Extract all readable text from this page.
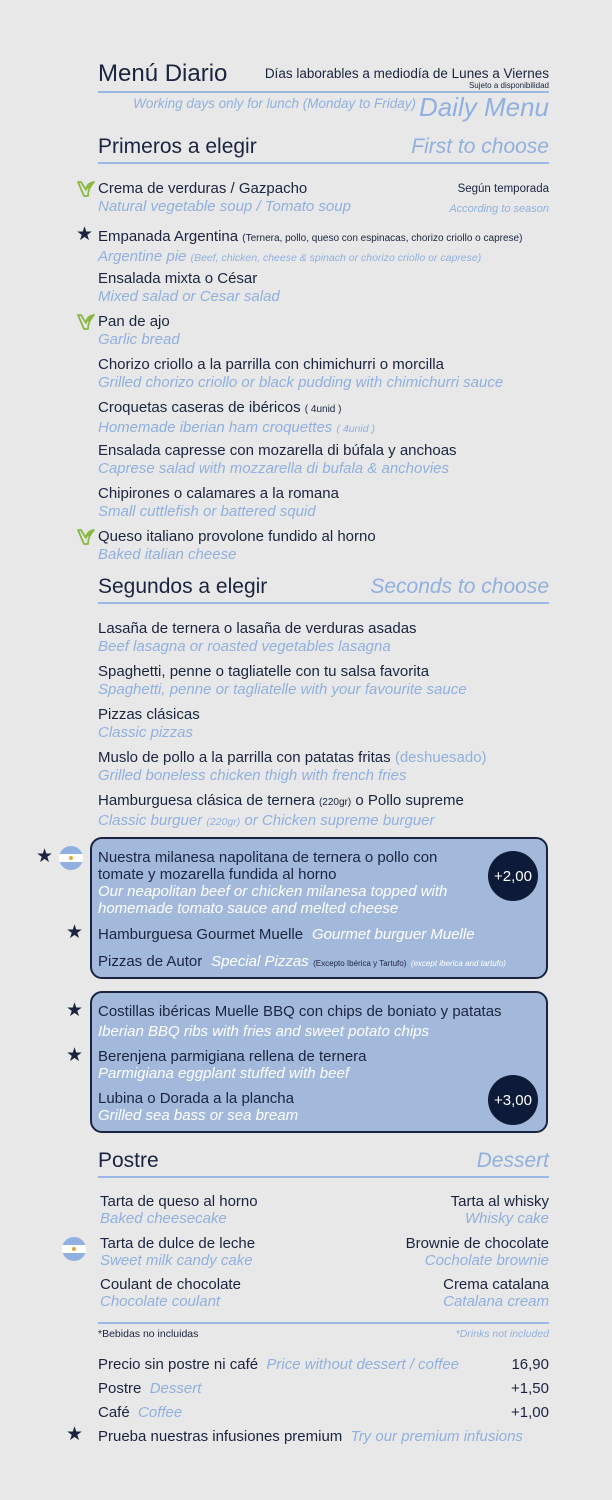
Menú Diario	Días laborables a mediodía de Lunes a Viernes
Sujeto a disponibilidad
Working days only for lunch (Monday to Friday) Daily Menu
Primeros a elegir	First to choose
Crema de verduras / Gazpacho
Natural vegetable soup / Tomato soup
Según temporada
According to season
★ Empanada Argentina (Ternera, pollo, queso con espinacas, chorizo criollo o caprese)
Argentine pie (Beef, chicken, cheese & spinach or chorizo criollo or caprese)
Ensalada mixta o César
Mixed salad or Cesar salad
Pan de ajo
Garlic bread
Chorizo criollo a la parrilla con chimichurri o morcilla
Grilled chorizo criollo or black pudding with chimichurri sauce
Croquetas caseras de ibéricos ( 4unid )
Homemade iberian ham croquettes ( 4unid )
Ensalada capresse con mozarella di búfala y anchoas
Caprese salad with mozzarella di bufala & anchovies
Chipirones o calamares a la romana
Small cuttlefish or battered squid
Queso italiano provolone fundido al horno
Baked italian cheese
Segundos a elegir	Seconds to choose
Lasaña de ternera o lasaña de verduras asadas
Beef lasagna or roasted vegetables lasagna
Spaghetti, penne o tagliatelle con tu salsa favorita
Spaghetti, penne or tagliatelle with your favourite sauce
Pizzas clásicas
Classic pizzas
Muslo de pollo a la parrilla con patatas fritas (deshuesado)
Grilled boneless chicken thigh with french fries
Hamburguesa clásica de ternera (220gr) o Pollo supreme
Classic burguer (220gr) or Chicken supreme burguer
★
★
Nuestra milanesa napolitana de ternera o pollo con
tomate y mozarella fundida al horno
Our neapolitan beef or chicken milanesa topped with
homemade tomato sauce and melted cheese
Hamburguesa Gourmet Muelle Gourmet burguer Muelle
Pizzas de Autor Special Pizzas (Excepto Ibérica y Tartufo) (except iberica and tartufo)
+2,00
★
★
Costillas ibéricas Muelle BBQ con chips de boniato y patatas
Iberian BBQ ribs with fries and sweet potato chips
Berenjena parmigiana rellena de ternera
Parmigiana eggplant stuffed with beef
Lubina o Dorada a la plancha
Grilled sea bass or sea bream
+3,00
Postre	Dessert
Tarta de queso al horno
Baked cheesecake
Tarta de dulce de leche
Sweet milk candy cake
Coulant de chocolate
Chocolate coulant
Tarta al whisky
Whisky cake
Brownie de chocolate
Cocholate brownie
Crema catalana
Catalana cream
*Bebidas no incluidas	*Drinks not included
Precio sin postre ni café Price without dessert / coffee	16,90
Postre Dessert	+1,50
Café Coffee	+1,00
★ Prueba nuestras infusiones premium Try our premium infusions
